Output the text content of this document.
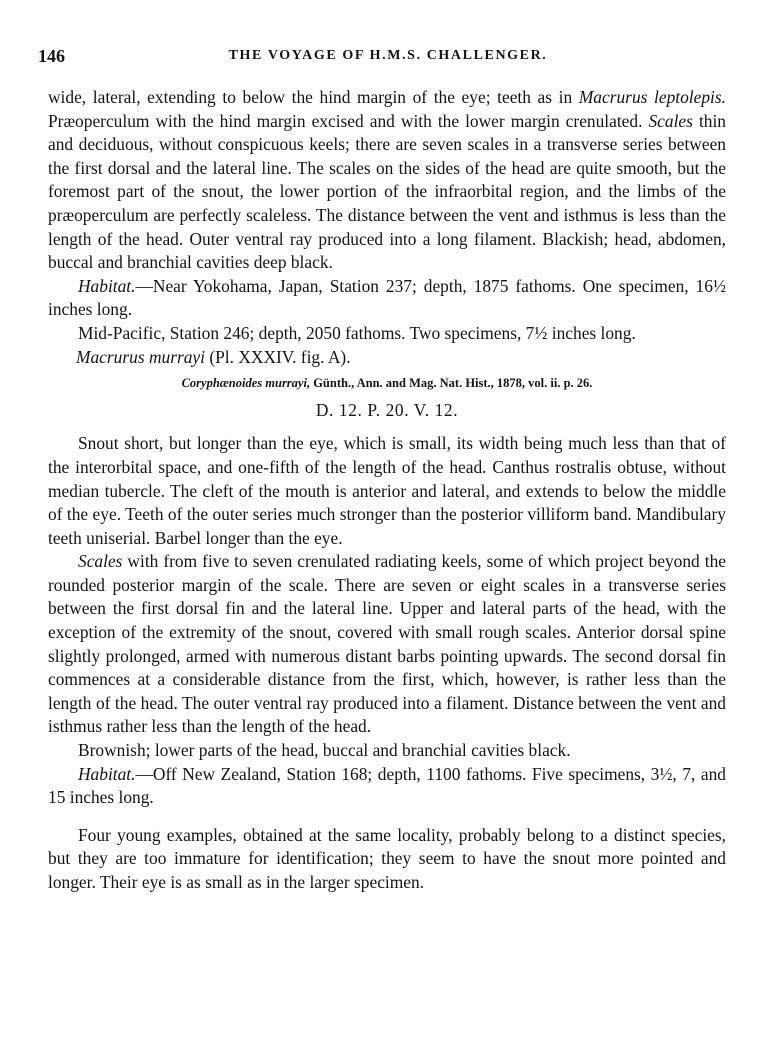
146	THE VOYAGE OF H.M.S. CHALLENGER.

wide, lateral, extending to below the hind margin of the eye; teeth as in Macrurus leptolepis. Præoperculum with the hind margin excised and with the lower margin crenulated. Scales thin and deciduous, without conspicuous keels; there are seven scales in a transverse series between the first dorsal and the lateral line. The scales on the sides of the head are quite smooth, but the foremost part of the snout, the lower portion of the infraorbital region, and the limbs of the præoperculum are perfectly scaleless. The distance between the vent and isthmus is less than the length of the head. Outer ventral ray produced into a long filament. Blackish; head, abdomen, buccal and branchial cavities deep black.

Habitat.—Near Yokohama, Japan, Station 237; depth, 1875 fathoms. One specimen, 16½ inches long.

Mid-Pacific, Station 246; depth, 2050 fathoms. Two specimens, 7½ inches long.

Macrurus murrayi (Pl. XXXIV. fig. A).

Coryphænoides murrayi, Günth., Ann. and Mag. Nat. Hist., 1878, vol. ii. p. 26.
D. 12. P. 20. V. 12.

Snout short, but longer than the eye, which is small, its width being much less than that of the interorbital space, and one-fifth of the length of the head. Canthus rostralis obtuse, without median tubercle. The cleft of the mouth is anterior and lateral, and extends to below the middle of the eye. Teeth of the outer series much stronger than the posterior villiform band. Mandibulary teeth uniserial. Barbel longer than the eye.

Scales with from five to seven crenulated radiating keels, some of which project beyond the rounded posterior margin of the scale. There are seven or eight scales in a transverse series between the first dorsal fin and the lateral line. Upper and lateral parts of the head, with the exception of the extremity of the snout, covered with small rough scales. Anterior dorsal spine slightly prolonged, armed with numerous distant barbs pointing upwards. The second dorsal fin commences at a considerable distance from the first, which, however, is rather less than the length of the head. The outer ventral ray produced into a filament. Distance between the vent and isthmus rather less than the length of the head.

Brownish; lower parts of the head, buccal and branchial cavities black.

Habitat.—Off New Zealand, Station 168; depth, 1100 fathoms. Five specimens, 3½, 7, and 15 inches long.

Four young examples, obtained at the same locality, probably belong to a distinct species, but they are too immature for identification; they seem to have the snout more pointed and longer. Their eye is as small as in the larger specimen.
